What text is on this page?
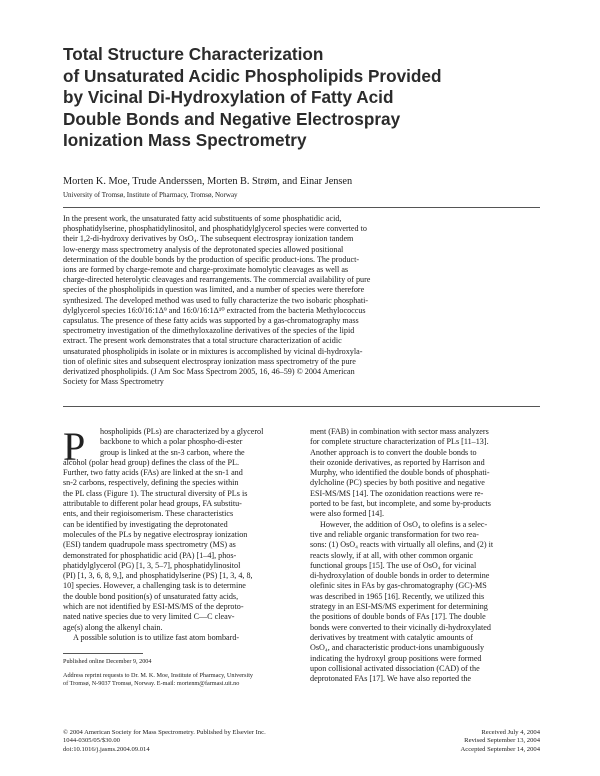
Total Structure Characterization
of Unsaturated Acidic Phospholipids Provided
by Vicinal Di-Hydroxylation of Fatty Acid
Double Bonds and Negative Electrospray
Ionization Mass Spectrometry
Morten K. Moe, Trude Anderssen, Morten B. Strøm, and Einar Jensen
University of Tromsø, Institute of Pharmacy, Tromsø, Norway
In the present work, the unsaturated fatty acid substituents of some phosphatidic acid,
phosphatidylserine, phosphatidylinositol, and phosphatidylglycerol species were converted to
their 1,2-di-hydroxy derivatives by OsO₄. The subsequent electrospray ionization tandem
low-energy mass spectrometry analysis of the deprotonated species allowed positional
determination of the double bonds by the production of specific product-ions. The product-
ions are formed by charge-remote and charge-proximate homolytic cleavages as well as
charge-directed heterolytic cleavages and rearrangements. The commercial availability of pure
species of the phospholipids in question was limited, and a number of species were therefore
synthesized. The developed method was used to fully characterize the two isobaric phosphati-
dylglycerol species 16:0/16:1Δ⁹ and 16:0/16:1Δ¹⁰ extracted from the bacteria Methylococcus
capsulatus. The presence of these fatty acids was supported by a gas-chromatography mass
spectrometry investigation of the dimethyloxazoline derivatives of the species of the lipid
extract. The present work demonstrates that a total structure characterization of acidic
unsaturated phospholipids in isolate or in mixtures is accomplished by vicinal di-hydroxyla-
tion of olefinic sites and subsequent electrospray ionization mass spectrometry of the pure
derivatized phospholipids. (J Am Soc Mass Spectrom 2005, 16, 46–59) © 2004 American
Society for Mass Spectrometry
P	hospholipids (PLs) are characterized by a glycerol
backbone to which a polar phospho-di-ester
group is linked at the sn-3 carbon, where the
alcohol (polar head group) defines the class of the PL.
Further, two fatty acids (FAs) are linked at the sn-1 and
sn-2 carbons, respectively, defining the species within
the PL class (Figure 1). The structural diversity of PLs is
attributable to different polar head groups, FA substitu-
ents, and their regioisomerism. These characteristics
can be identified by investigating the deprotonated
molecules of the PLs by negative electrospray ionization
(ESI) tandem quadrupole mass spectrometry (MS) as
demonstrated for phosphatidic acid (PA) [1–4], phos-
phatidylglycerol (PG) [1, 3, 5–7], phosphatidylinositol
(PI) [1, 3, 6, 8, 9,], and phosphatidylserine (PS) [1, 3, 4, 8,
10] species. However, a challenging task is to determine
the double bond position(s) of unsaturated fatty acids,
which are not identified by ESI-MS/MS of the deproto-
nated native species due to very limited C—C cleav-
age(s) along the alkenyl chain.
A possible solution is to utilize fast atom bombard-
Published online December 9, 2004
Address reprint requests to Dr. M. K. Moe, Institute of Pharmacy, University
of Tromsø, N-9037 Tromsø, Norway. E-mail: mortenm@farmasi.uit.no
ment (FAB) in combination with sector mass analyzers
for complete structure characterization of PLs [11–13].
Another approach is to convert the double bonds to
their ozonide derivatives, as reported by Harrison and
Murphy, who identified the double bonds of phosphati-
dylcholine (PC) species by both positive and negative
ESI-MS/MS [14]. The ozonidation reactions were re-
ported to be fast, but incomplete, and some by-products
were also formed [14].
However, the addition of OsO₄ to olefins is a selec-
tive and reliable organic transformation for two rea-
sons: (1) OsO₄ reacts with virtually all olefins, and (2) it
reacts slowly, if at all, with other common organic
functional groups [15]. The use of OsO₄ for vicinal
di-hydroxylation of double bonds in order to determine
olefinic sites in FAs by gas-chromatography (GC)-MS
was described in 1965 [16]. Recently, we utilized this
strategy in an ESI-MS/MS experiment for determining
the positions of double bonds of FAs [17]. The double
bonds were converted to their vicinally di-hydroxylated
derivatives by treatment with catalytic amounts of
OsO₄, and characteristic product-ions unambiguously
indicating the hydroxyl group positions were formed
upon collisional activated dissociation (CAD) of the
deprotonated FAs [17]. We have also reported the
© 2004 American Society for Mass Spectrometry. Published by Elsevier Inc.
1044-0305/05/$30.00
doi:10.1016/j.jasms.2004.09.014
Received July 4, 2004
Revised September 13, 2004
Accepted September 14, 2004
